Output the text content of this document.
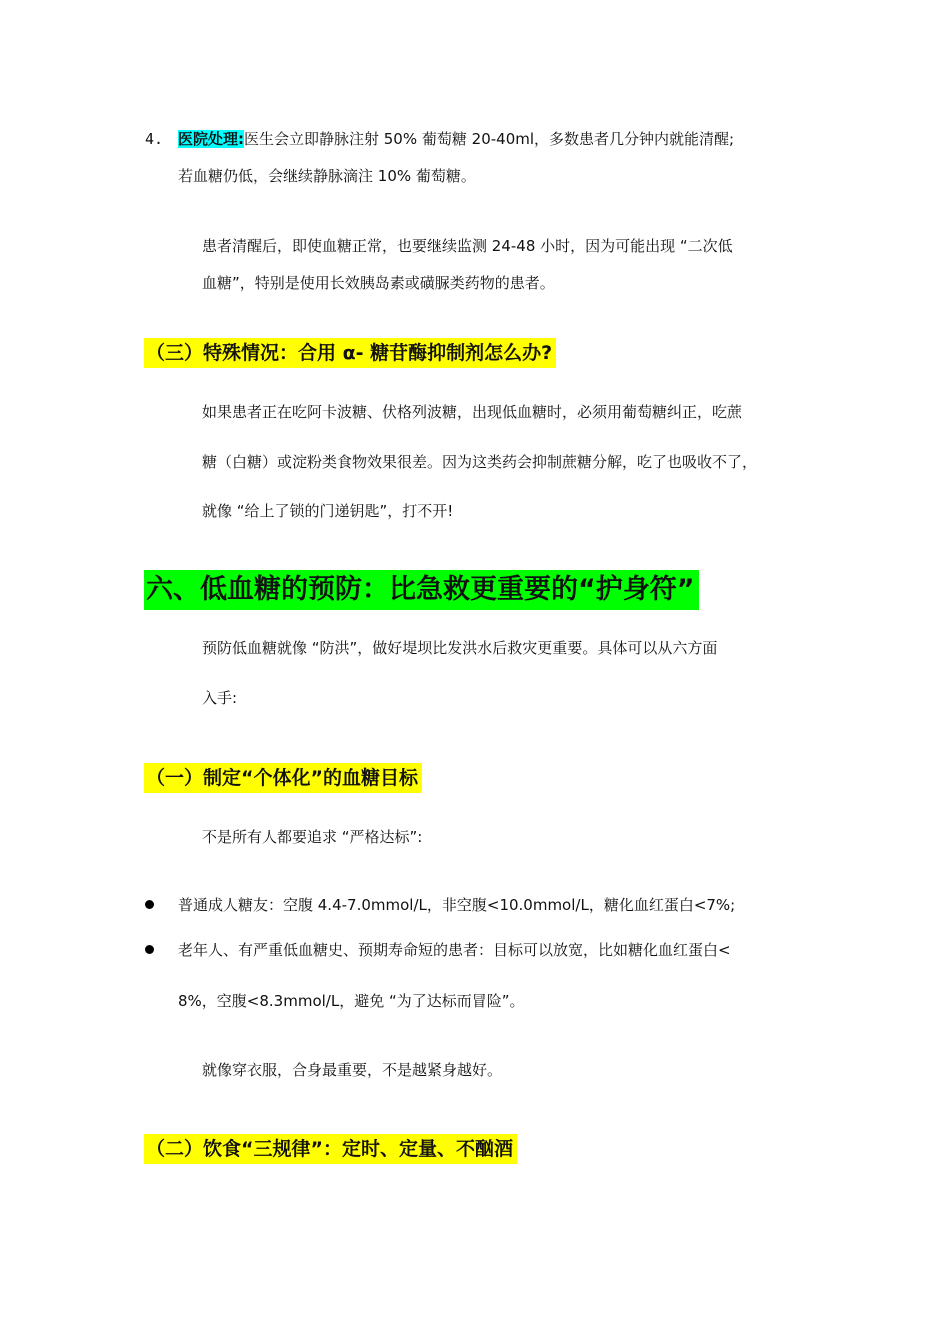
4. 医院处理:医生会立即静脉注射 50% 葡萄糖 20-40ml，多数患者几分钟内就能清醒;
若血糖仍低，会继续静脉滴注 10% 葡萄糖。
患者清醒后，即使血糖正常，也要继续监测 24-48 小时，因为可能出现 “二次低
血糖”，特别是使用长效胰岛素或磺脲类药物的患者。
（三）特殊情况：合用 α- 糖苷酶抑制剂怎么办?
如果患者正在吃阿卡波糖、伏格列波糖，出现低血糖时，必须用葡萄糖纠正，吃蔗
糖（白糖）或淀粉类食物效果很差。因为这类药会抑制蔗糖分解，吃了也吸收不了，
就像 “给上了锁的门递钥匙”，打不开!
六、低血糖的预防：比急救更重要的“护身符”
预防低血糖就像 “防洪”，做好堤坝比发洪水后救灾更重要。具体可以从六方面
入手:
（一）制定“个体化”的血糖目标
不是所有人都要追求 “严格达标”:
普通成人糖友：空腹 4.4-7.0mmol/L，非空腹<10.0mmol/L，糖化血红蛋白<7%;
老年人、有严重低血糖史、预期寿命短的患者：目标可以放宽，比如糖化血红蛋白<
8%，空腹<8.3mmol/L，避免 “为了达标而冒险”。
就像穿衣服，合身最重要，不是越紧身越好。
（二）饮食“三规律”：定时、定量、不酗酒
